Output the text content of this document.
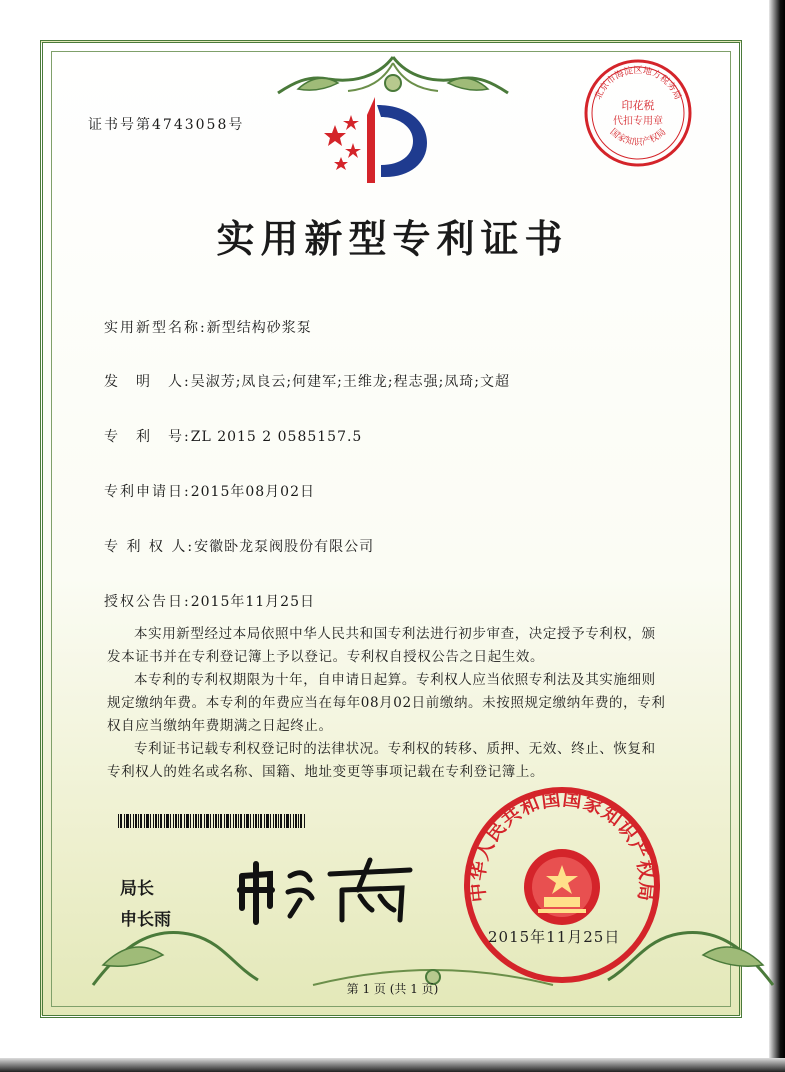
证书号第4743058号
北京市海淀区地方税务局
印花税
代扣专用章
国家知识产权局
实用新型专利证书
实用新型名称:新型结构砂浆泵
发　明　人:吴淑芳;凤良云;何建军;王维龙;程志强;凤琦;文超
专　利　号:ZL 2015 2 0585157.5
专利申请日:2015年08月02日
专 利 权 人:安徽卧龙泵阀股份有限公司
授权公告日:2015年11月25日

本实用新型经过本局依照中华人民共和国专利法进行初步审查，决定授予专利权，颁发本证书并在专利登记簿上予以登记。专利权自授权公告之日起生效。

本专利的专利权期限为十年，自申请日起算。专利权人应当依照专利法及其实施细则规定缴纳年费。本专利的年费应当在每年08月02日前缴纳。未按照规定缴纳年费的，专利权自应当缴纳年费期满之日起终止。

专利证书记载专利权登记时的法律状况。专利权的转移、质押、无效、终止、恢复和专利权人的姓名或名称、国籍、地址变更等事项记载在专利登记簿上。

局长
申长雨
中华人民共和国国家知识产权局
2015年11月25日
第 1 页 (共 1 页)
